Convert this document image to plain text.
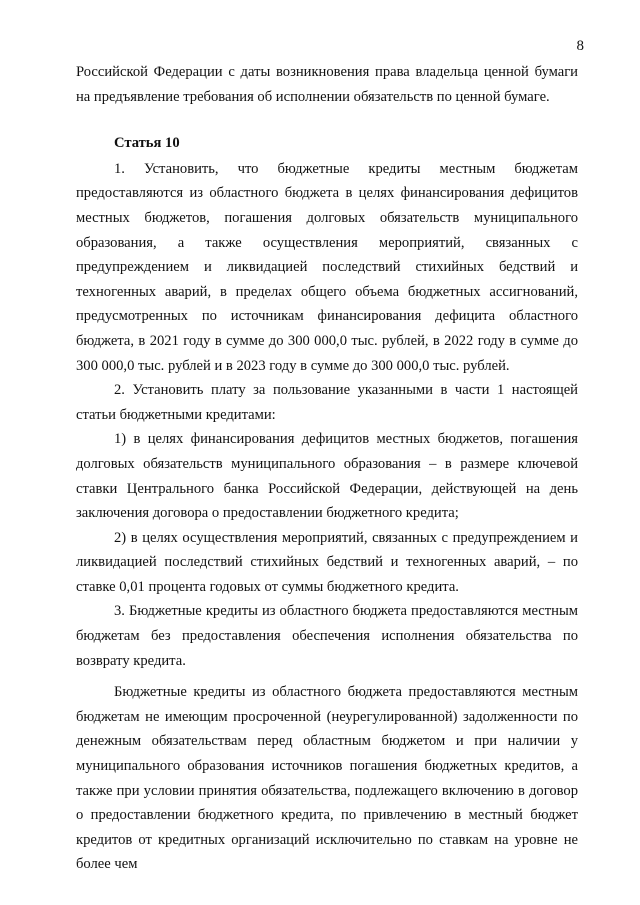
8

Российской Федерации с даты возникновения права владельца ценной бумаги на предъявление требования об исполнении обязательств по ценной бумаге.

Статья 10

1. Установить, что бюджетные кредиты местным бюджетам предоставляются из областного бюджета в целях финансирования дефицитов местных бюджетов, погашения долговых обязательств муниципального образования, а также осуществления мероприятий, связанных с предупреждением и ликвидацией последствий стихийных бедствий и техногенных аварий, в пределах общего объема бюджетных ассигнований, предусмотренных по источникам финансирования дефицита областного бюджета, в 2021 году в сумме до 300 000,0 тыс. рублей, в 2022 году в сумме до 300 000,0 тыс. рублей и в 2023 году в сумме до 300 000,0 тыс. рублей.

2. Установить плату за пользование указанными в части 1 настоящей статьи бюджетными кредитами:

1) в целях финансирования дефицитов местных бюджетов, погашения долговых обязательств муниципального образования – в размере ключевой ставки Центрального банка Российской Федерации, действующей на день заключения договора о предоставлении бюджетного кредита;

2) в целях осуществления мероприятий, связанных с предупреждением и ликвидацией последствий стихийных бедствий и техногенных аварий, – по ставке 0,01 процента годовых от суммы бюджетного кредита.

3. Бюджетные кредиты из областного бюджета предоставляются местным бюджетам без предоставления обеспечения исполнения обязательства по возврату кредита.

Бюджетные кредиты из областного бюджета предоставляются местным бюджетам не имеющим просроченной (неурегулированной) задолженности по денежным обязательствам перед областным бюджетом и при наличии у муниципального образования источников погашения бюджетных кредитов, а также при условии принятия обязательства, подлежащего включению в договор о предоставлении бюджетного кредита, по привлечению в местный бюджет кредитов от кредитных организаций исключительно по ставкам на уровне не более чем
